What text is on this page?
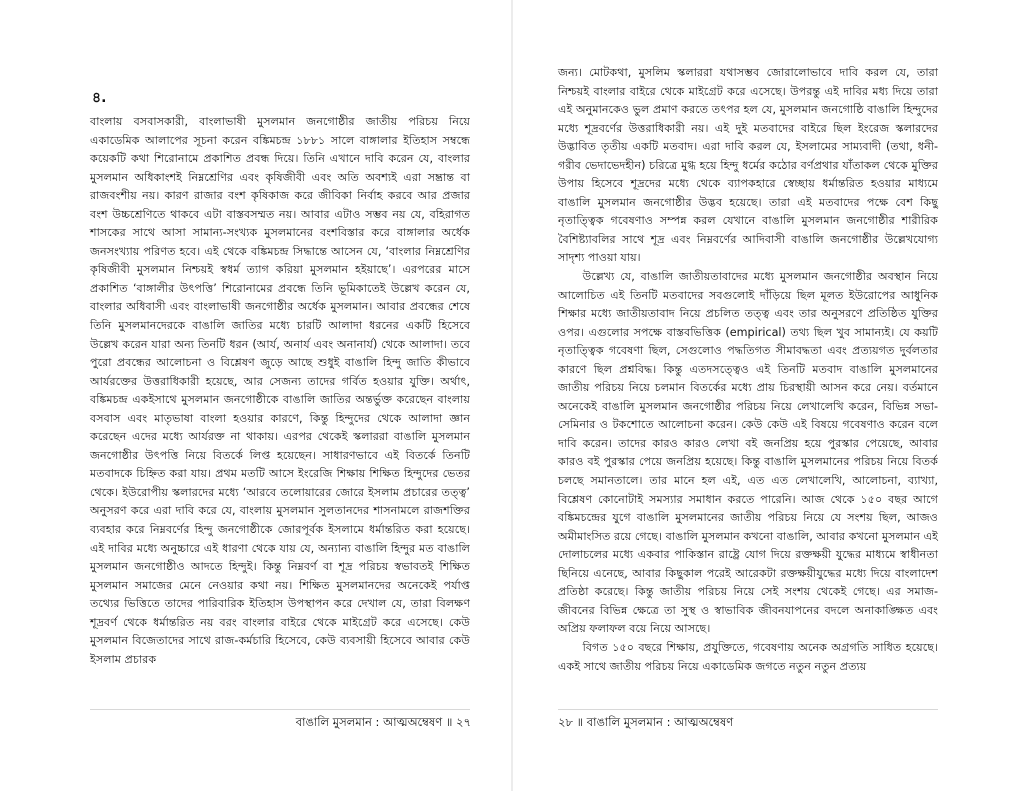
৪.

বাংলায় বসবাসকারী, বাংলাভাষী মুসলমান জনগোষ্ঠীর জাতীয় পরিচয় নিয়ে একাডেমিক আলাপের সূচনা করেন বঙ্কিমচন্দ্র ১৮৮১ সালে বাঙ্গালার ইতিহাস সম্বন্ধে কয়েকটি কথা শিরোনামে প্রকাশিত প্রবন্ধ দিয়ে। তিনি এখানে দাবি করেন যে, বাংলার মুসলমান অধিকাংশই নিম্নশ্রেণির এবং কৃষিজীবী এবং অতি অবশ্যই এরা সম্ভ্রান্ত বা রাজবংশীয় নয়। কারণ রাজার বংশ কৃষিকাজ করে জীবিকা নির্বাহ করবে আর প্রজার বংশ উচ্চশ্রেণিতে থাকবে এটা বাস্তবসম্মত নয়। আবার এটাও সম্ভব নয় যে, বহিরাগত শাসকের সাথে আসা সামান্য-সংখ্যক মুসলমানের বংশবিস্তার করে বাঙ্গালার অর্ধেক জনসংখ্যায় পরিণত হবে। এই থেকে বঙ্কিমচন্দ্র সিদ্ধান্তে আসেন যে, ‘বাংলার নিম্নশ্রেণির কৃষিজীবী মুসলমান নিশ্চয়ই স্বধর্ম ত্যাগ করিয়া মুসলমান হইয়াছে’। এরপরের মাসে প্রকাশিত ‘বাঙ্গালীর উৎপত্তি’ শিরোনামের প্রবন্ধে তিনি ভূমিকাতেই উল্লেখ করেন যে, বাংলার অধিবাসী এবং বাংলাভাষী জনগোষ্ঠীর অর্ধেক মুসলমান। আবার প্রবন্ধের শেষে তিনি মুসলমানদেরকে বাঙালি জাতির মধ্যে চারটি আলাদা ধরনের একটি হিসেবে উল্লেখ করেন যারা অন্য তিনটি ধরন (আর্য, অনার্য এবং অনানার্য) থেকে আলাদা। তবে পুরো প্রবন্ধের আলোচনা ও বিশ্লেষণ জুড়ে আছে শুধুই বাঙালি হিন্দু জাতি কীভাবে আর্যরক্তের উত্তরাধিকারী হয়েছে, আর সেজন্য তাদের গর্বিত হওয়ার যুক্তি। অর্থাৎ, বঙ্কিমচন্দ্র একইসাথে মুসলমান জনগোষ্ঠীকে বাঙালি জাতির অন্তর্ভুক্ত করেছেন বাংলায় বসবাস এবং মাতৃভাষা বাংলা হওয়ার কারণে, কিন্তু হিন্দুদের থেকে আলাদা জ্ঞান করেছেন এদের মধ্যে আর্যরক্ত না থাকায়। এরপর থেকেই স্কলাররা বাঙালি মুসলমান জনগোষ্ঠীর উৎপত্তি নিয়ে বিতর্কে লিপ্ত হয়েছেন। সাধারণভাবে এই বিতর্কে তিনটি মতবাদকে চিহ্নিত করা যায়। প্রথম মতটি আসে ইংরেজি শিক্ষায় শিক্ষিত হিন্দুদের ভেতর থেকে। ইউরোপীয় স্কলারদের মধ্যে ‘আরবে তলোয়ারের জোরে ইসলাম প্রচারের তত্ত্ব’ অনুসরণ করে এরা দাবি করে যে, বাংলায় মুসলমান সুলতানদের শাসনামলে রাজশক্তির ব্যবহার করে নিম্নবর্ণের হিন্দু জনগোষ্ঠীকে জোরপূর্বক ইসলামে ধর্মান্তরিত করা হয়েছে। এই দাবির মধ্যে অনুচ্চারে এই ধারণা থেকে যায় যে, অন্যান্য বাঙালি হিন্দুর মত বাঙালি মুসলমান জনগোষ্ঠীও আদতে হিন্দুই। কিন্তু নিম্নবর্ণ বা শূদ্র পরিচয় স্বভাবতই শিক্ষিত মুসলমান সমাজের মেনে নেওয়ার কথা নয়। শিক্ষিত মুসলমানদের অনেকেই পর্যাপ্ত তথ্যের ভিত্তিতে তাদের পারিবারিক ইতিহাস উপস্থাপন করে দেখাল যে, তারা বিলক্ষণ শূদ্রবর্ণ থেকে ধর্মান্তরিত নয় বরং বাংলার বাইরে থেকে মাইগ্রেট করে এসেছে। কেউ মুসলমান বিজেতাদের সাথে রাজ-কর্মচারি হিসেবে, কেউ ব্যবসায়ী হিসেবে আবার কেউ ইসলাম প্রচারক

বাঙালি মুসলমান : আত্মঅম্বেষণ ॥ ২৭

জন্য। মোটকথা, মুসলিম স্কলাররা যথাসম্ভব জোরালোভাবে দাবি করল যে, তারা নিশ্চয়ই বাংলার বাইরে থেকে মাইগ্রেট করে এসেছে। উপরন্তু এই দাবির মধ্য দিয়ে তারা এই অনুমানকেও ভুল প্রমাণ করতে তৎপর হল যে, মুসলমান জনগোষ্ঠি বাঙালি হিন্দুদের মধ্যে শূদ্রবর্ণের উত্তরাধিকারী নয়। এই দুই মতবাদের বাইরে ছিল ইংরেজ স্কলারদের উদ্ভাবিত তৃতীয় একটি মতবাদ। এরা দাবি করল যে, ইসলামের সাম্যবাদী (তথা, ধনী-গরীব ভেদাভেদহীন) চরিত্রে মুগ্ধ হয়ে হিন্দু ধর্মের কঠোর বর্ণপ্রথার যাঁতাকল থেকে মুক্তির উপায় হিসেবে শূদ্রদের মধ্যে থেকে ব্যাপকহারে স্বেচ্ছায় ধর্মান্তরিত হওয়ার মাধ্যমে বাঙালি মুসলমান জনগোষ্ঠীর উদ্ভব হয়েছে। তারা এই মতবাদের পক্ষে বেশ কিছু নৃতাত্ত্বিক গবেষণাও সম্পন্ন করল যেখানে বাঙালি মুসলমান জনগোষ্ঠীর শারীরিক বৈশিষ্ট্যাবলির সাথে শূদ্র এবং নিম্নবর্ণের আদিবাসী বাঙালি জনগোষ্ঠীর উল্লেখযোগ্য সাদৃশ্য পাওয়া যায়।

উল্লেখ্য যে, বাঙালি জাতীয়তাবাদের মধ্যে মুসলমান জনগোষ্ঠীর অবস্থান নিয়ে আলোচিত এই তিনটি মতবাদের সবগুলোই দাঁড়িয়ে ছিল মূলত ইউরোপের আধুনিক শিক্ষার মধ্যে জাতীয়তাবাদ নিয়ে প্রচলিত তত্ত্ব এবং তার অনুসরণে প্রতিষ্ঠিত যুক্তির ওপর। এগুলোর সপক্ষে বাস্তবভিত্তিক (empirical) তথ্য ছিল খুব সামান্যই। যে কয়টি নৃতাত্ত্বিক গবেষণা ছিল, সেগুলোও পদ্ধতিগত সীমাবদ্ধতা এবং প্রত্যয়গত দুর্বলতার কারণে ছিল প্রশ্নবিদ্ধ। কিন্তু এতদসত্ত্বেও এই তিনটি মতবাদ বাঙালি মুসলমানের জাতীয় পরিচয় নিয়ে চলমান বিতর্কের মধ্যে প্রায় চিরস্থায়ী আসন করে নেয়। বর্তমানে অনেকেই বাঙালি মুসলমান জনগোষ্ঠীর পরিচয় নিয়ে লেখালেখি করেন, বিভিন্ন সভা-সেমিনার ও টকশোতে আলোচনা করেন। কেউ কেউ এই বিষয়ে গবেষণাও করেন বলে দাবি করেন। তাদের কারও কারও লেখা বই জনপ্রিয় হয়ে পুরস্কার পেয়েছে, আবার কারও বই পুরস্কার পেয়ে জনপ্রিয় হয়েছে। কিন্তু বাঙালি মুসলমানের পরিচয় নিয়ে বিতর্ক চলছে সমানতালে। তার মানে হল এই, এত এত লেখালেখি, আলোচনা, ব্যাখ্যা, বিশ্লেষণ কোনোটাই সমস্যার সমাধান করতে পারেনি। আজ থেকে ১৫০ বছর আগে বঙ্কিমচন্দ্রের যুগে বাঙালি মুসলমানের জাতীয় পরিচয় নিয়ে যে সংশয় ছিল, আজও অমীমাংসিত রয়ে গেছে। বাঙালি মুসলমান কখনো বাঙালি, আবার কখনো মুসলমান এই দোলাচলের মধ্যে একবার পাকিস্তান রাষ্ট্রে যোগ দিয়ে রক্তক্ষয়ী যুদ্ধের মাধ্যমে স্বাধীনতা ছিনিয়ে এনেছে, আবার কিছুকাল পরেই আরেকটা রক্তক্ষয়ীযুদ্ধের মধ্যে দিয়ে বাংলাদেশ প্রতিষ্ঠা করেছে। কিন্তু জাতীয় পরিচয় নিয়ে সেই সংশয় থেকেই গেছে। এর সমাজ-জীবনের বিভিন্ন ক্ষেত্রে তা সুস্থ ও স্বাভাবিক জীবনযাপনের বদলে অনাকাঙ্ক্ষিত এবং অপ্রিয় ফলাফল বয়ে নিয়ে আসছে।

বিগত ১৫০ বছরে শিক্ষায়, প্রযুক্তিতে, গবেষণায় অনেক অগ্রগতি সাধিত হয়েছে। একই সাথে জাতীয় পরিচয় নিয়ে একাডেমিক জগতে নতুন নতুন প্রত্যয়

২৮ ॥ বাঙালি মুসলমান : আত্মঅম্বেষণ
